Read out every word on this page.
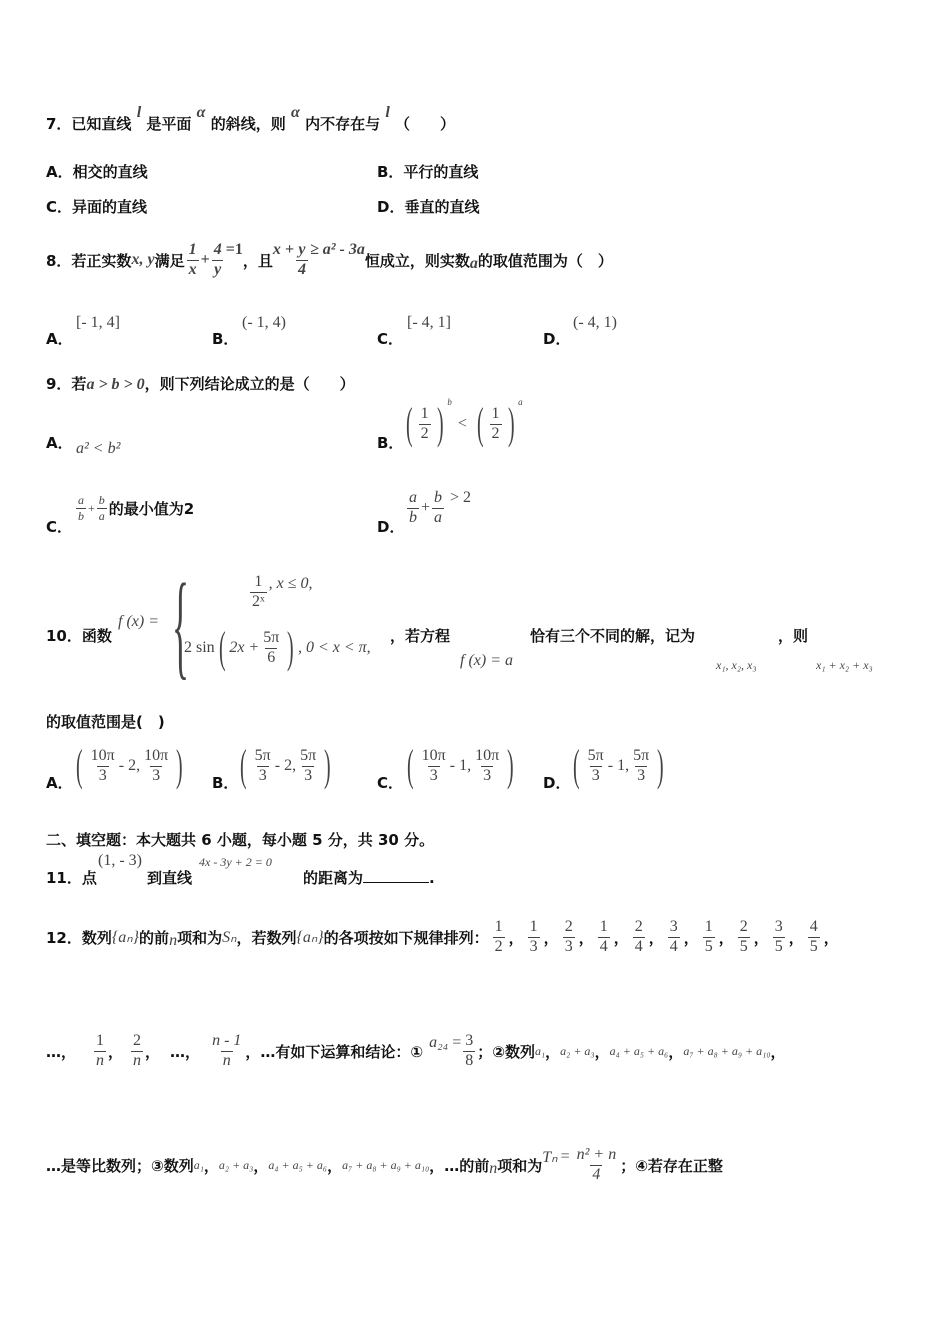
7．已知直线 l 是平面 α 的斜线，则 α 内不存在与 l （　　）
A．相交的直线	B．平行的直线
C．异面的直线	D．垂直的直线
8．若正实数 x, y 满足 $\frac{1}{x} + \frac{4}{y} =1$
，且
$x + \frac{y}{4} \ge a^2 - 3a$
恒成立，则实数 a 的取值范围为（　）
A．
[- 1, 4]
B．
(- 1, 4)
C．
[- 4, 1]
D．
(- 4, 1)
9．若a > b > 0，则下列结论成立的是（　　）
A． a² < b²	B． ( $\frac{1}{2}$ ) b
< ( $\frac{1}{2}$ ) a
C．
$\frac{a}{b} + \frac{b}{a}$ 的最小值为2
D．
$\frac{a}{b} + \frac{b}{a} > 2$
10．函数
f (x) = {	$\frac{1}{\text{2ˣ}}$ , x ≤ 0,
2 sin ( $2x + \frac{5\pi}{6}$ ) , 0 < x < π,
，若方程
f (x) = a
恰有三个不同的解，记为
x₁, x₂, x₃
，则
x₁ + x₂ + x₃
的取值范围是(　)
A． ( $\frac{10\pi}{3} - 2$, $\frac{10\pi}{3}$ ) B． ( $\frac{5\pi}{3} - 2$, $\frac{5\pi}{3}$ )	C． ( $\frac{10\pi}{3} - 1$, $\frac{10\pi}{3}$ ) D． ( $\frac{5\pi}{3} - 1$, $\frac{5\pi}{3}$ )
二、填空题：本大题共 6 小题，每小题 5 分，共 30 分。
11．点
(1, - 3)
到直线
4x - 3y + 2 = 0
的距离为	.
12．数列 {aₙ} 的前 n 项和为 Sₙ ，若数列 {aₙ} 的各项按如下规律排列： $\frac{1}{2}$ ， $\frac{1}{3}$ ， $\frac{2}{3}$ ， $\frac{1}{4}$ ， $\frac{2}{4}$ ， $\frac{3}{4}$ ， $\frac{1}{5}$ ， $\frac{2}{5}$ ， $\frac{3}{5}$ ， $\frac{4}{5}$ ，
…， $\frac{1}{n}$ ， $\frac{2}{n}$ ， …， $\frac{n - 1}{n}$ ，…有如下运算和结论：① $a_{24} = \frac{3}{8}$ ；②数列 a₁ ， a₂ + a₃ ， a₄ + a₅ + a₆ ， a₇ + a₈ + a₉ + a₁₀ ，
…是等比数列；③数列 a₁ ， a₂ + a₃ ， a₄ + a₅ + a₆ ， a₇ + a₈ + a₉ + a₁₀ ，…的前 n 项和为 $T_n = \frac{\text{n² + n}}{4}$ ；④若存在正整
